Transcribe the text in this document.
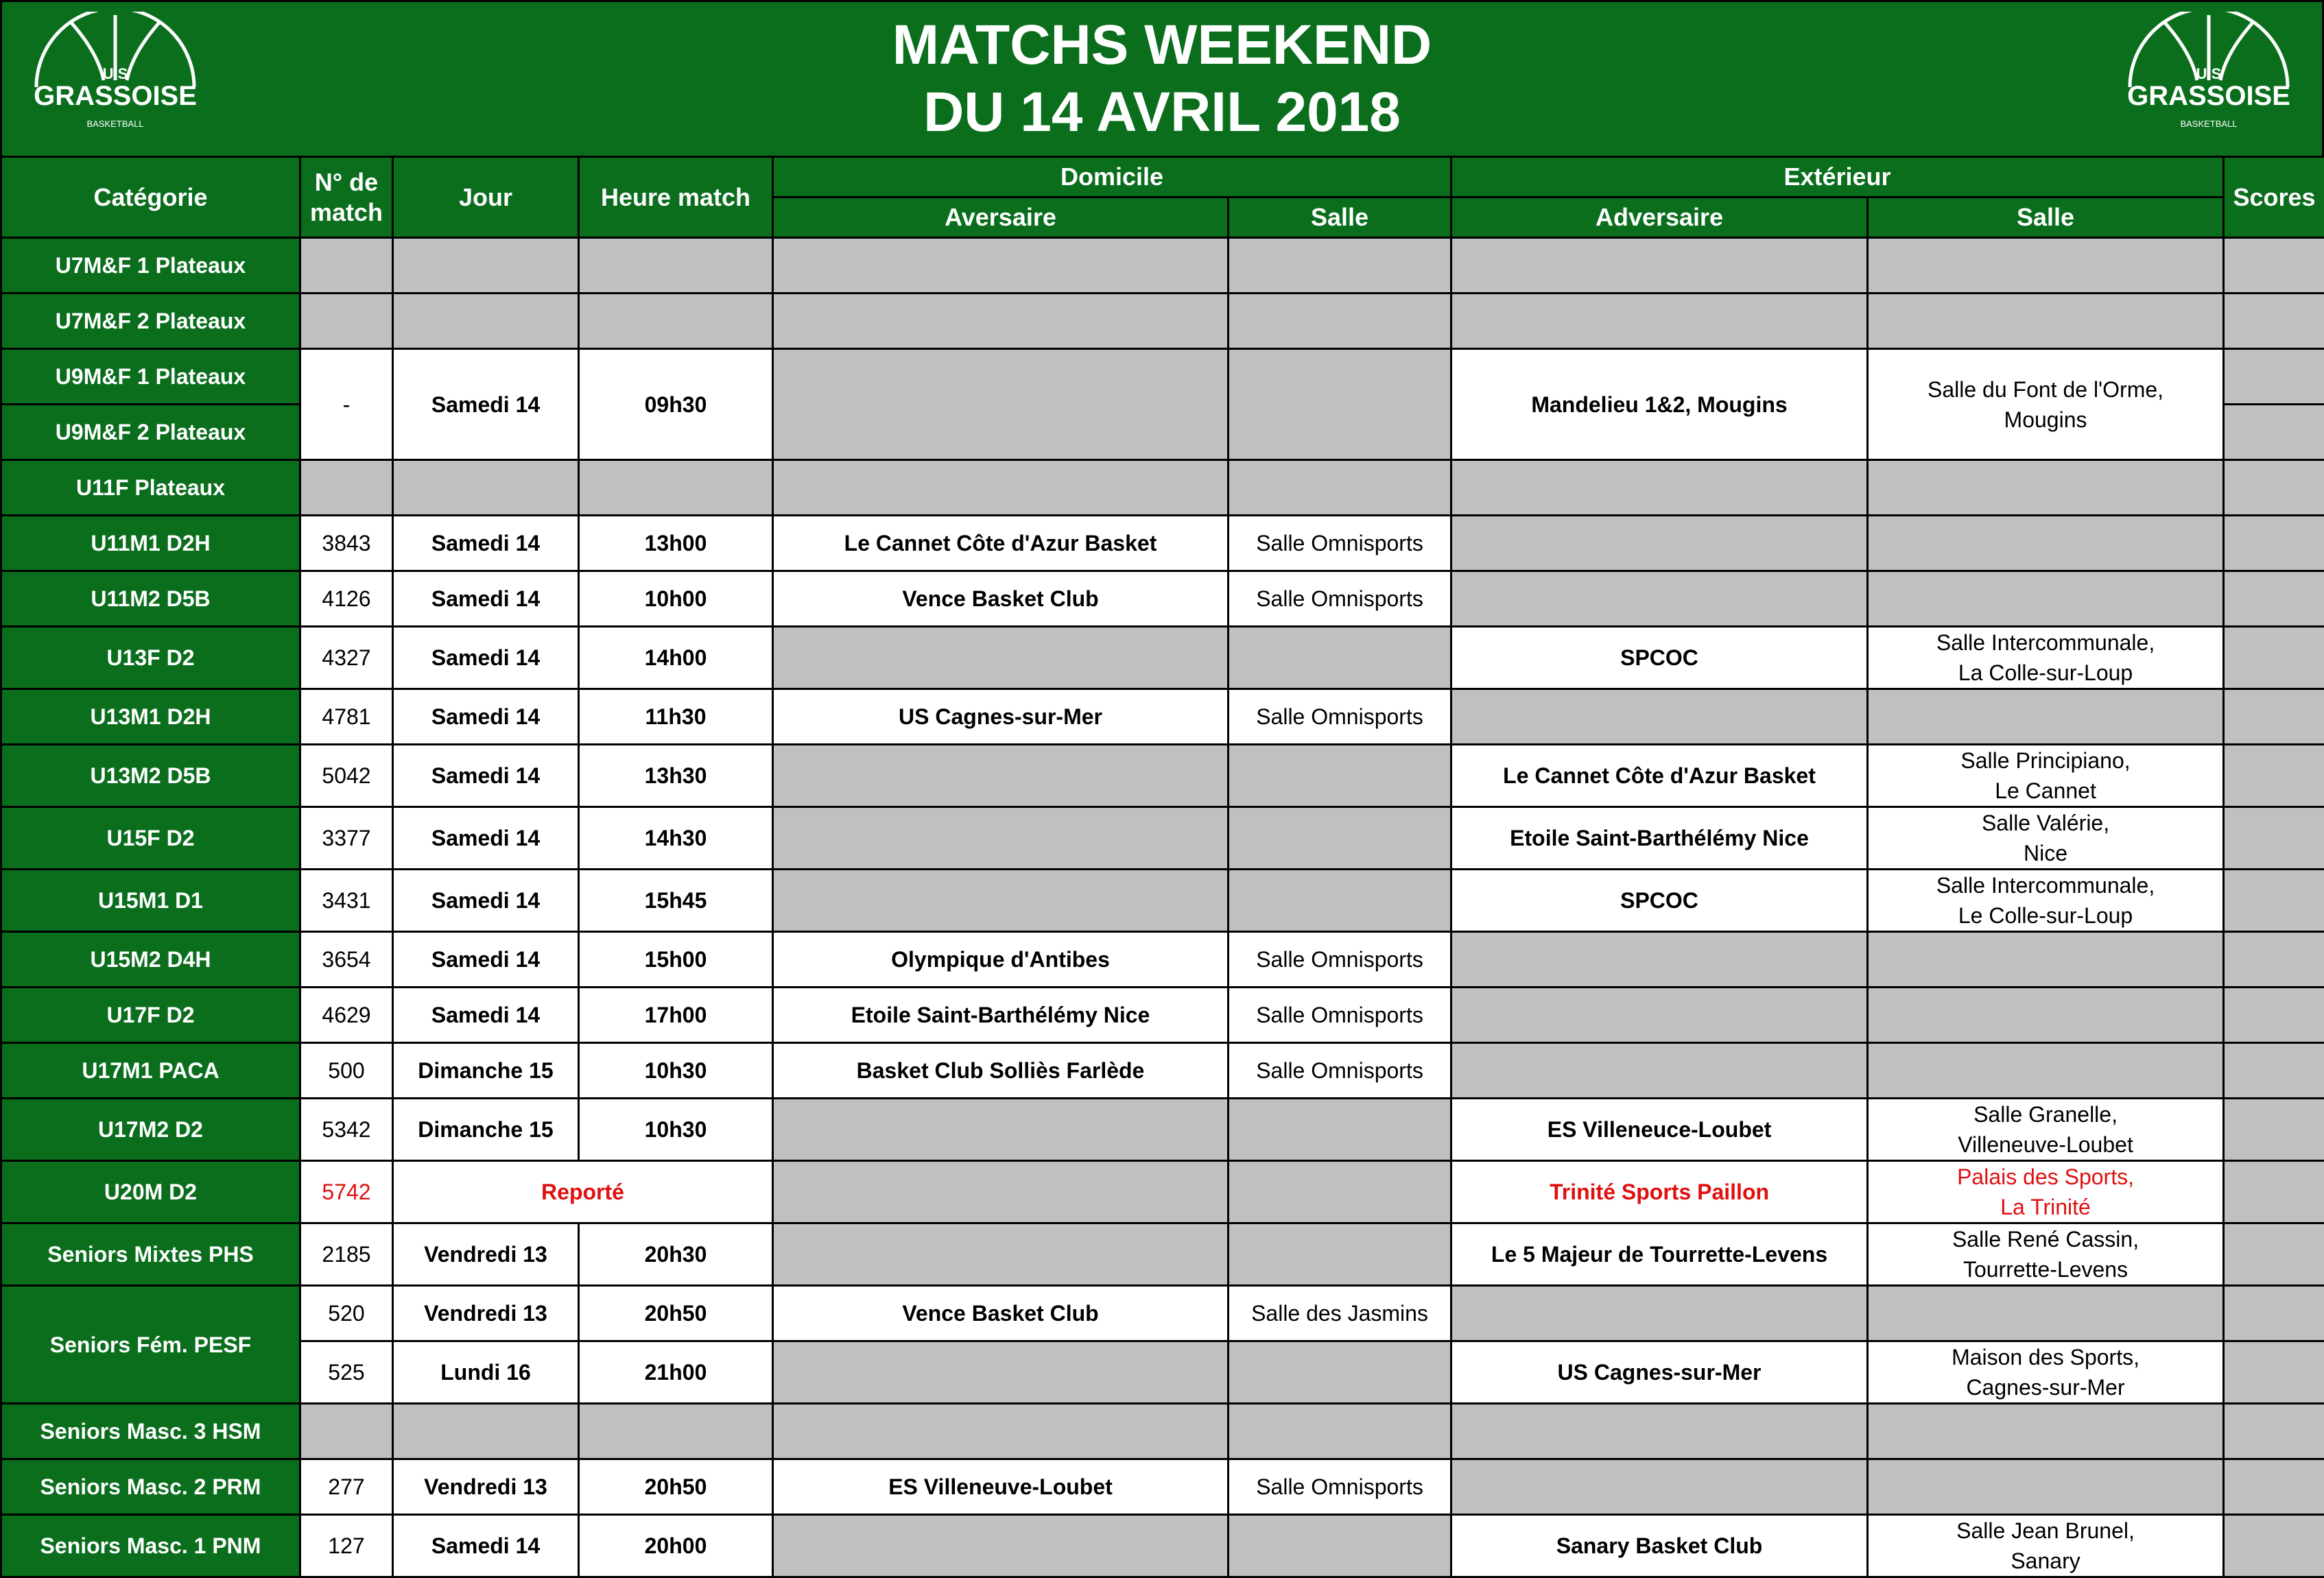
U S
GRASSOISE
BASKETBALL
MATCHS WEEKEND
DU 14 AVRIL 2018
U S
GRASSOISE
BASKETBALL
Catégorie	N° de match	Jour	Heure match	Domicile		Extérieur		Scores
				Aversaire	Salle	Adversaire	Salle	
U7M&F 1 Plateaux								
U7M&F 2 Plateaux								
U9M&F 1 Plateaux	-	Samedi 14	09h30			Mandelieu 1&2, Mougins	Salle du Font de l'Orme,
Mougins	
U9M&F 2 Plateaux								
U11F Plateaux								
U11M1 D2H	3843	Samedi 14	13h00	Le Cannet Côte d'Azur Basket	Salle Omnisports			
U11M2 D5B	4126	Samedi 14	10h00	Vence Basket Club	Salle Omnisports			
U13F D2	4327	Samedi 14	14h00			SPCOC	Salle Intercommunale,
La Colle-sur-Loup	
U13M1 D2H	4781	Samedi 14	11h30	US Cagnes-sur-Mer	Salle Omnisports			
U13M2 D5B	5042	Samedi 14	13h30			Le Cannet Côte d'Azur Basket	Salle Principiano,
Le Cannet	
U15F D2	3377	Samedi 14	14h30			Etoile Saint-Barthélémy Nice	Salle Valérie,
Nice	
U15M1 D1	3431	Samedi 14	15h45			SPCOC	Salle Intercommunale,
Le Colle-sur-Loup	
U15M2 D4H	3654	Samedi 14	15h00	Olympique d'Antibes	Salle Omnisports			
U17F D2	4629	Samedi 14	17h00	Etoile Saint-Barthélémy Nice	Salle Omnisports			
U17M1 PACA	500	Dimanche 15	10h30	Basket Club Solliès Farlède	Salle Omnisports			
U17M2 D2	5342	Dimanche 15	10h30			ES Villeneuce-Loubet	Salle Granelle,
Villeneuve-Loubet	
U20M D2	5742	Reporté				Trinité Sports Paillon	Palais des Sports,
La Trinité	
Seniors Mixtes PHS	2185	Vendredi 13	20h30			Le 5 Majeur de Tourrette-Levens	Salle René Cassin,
Tourrette-Levens	
Seniors Fém. PESF	520	Vendredi 13	20h50	Vence Basket Club	Salle des Jasmins			
	525	Lundi 16	21h00			US Cagnes-sur-Mer	Maison des Sports,
Cagnes-sur-Mer	
Seniors Masc. 3 HSM								
Seniors Masc. 2 PRM	277	Vendredi 13	20h50	ES Villeneuve-Loubet	Salle Omnisports			
Seniors Masc. 1 PNM	127	Samedi 14	20h00			Sanary Basket Club	Salle Jean Brunel,
Sanary	
